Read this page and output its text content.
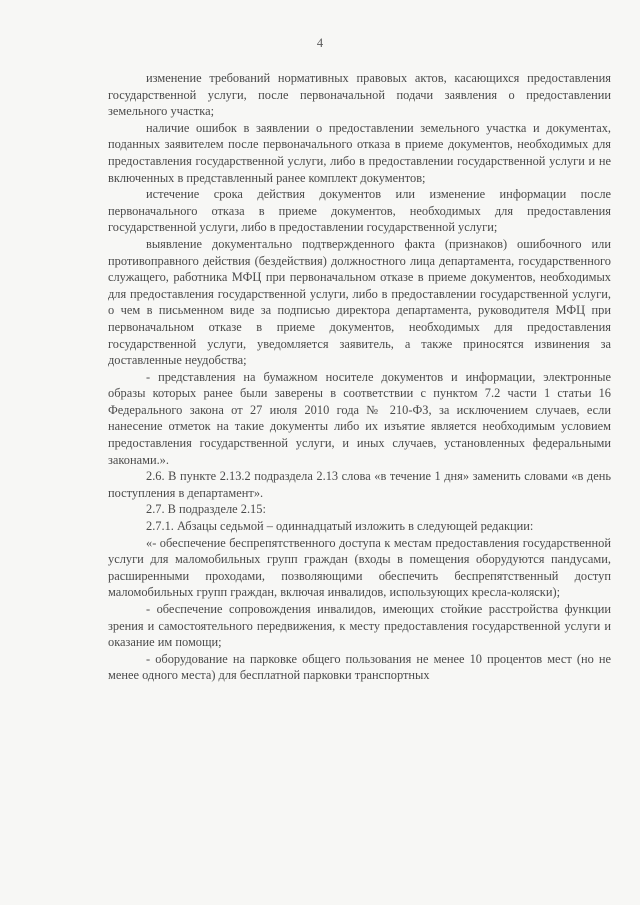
4

изменение требований нормативных правовых актов, касающихся предоставления государственной услуги, после первоначальной подачи заявления о предоставлении земельного участка;

наличие ошибок в заявлении о предоставлении земельного участка и документах, поданных заявителем после первоначального отказа в приеме документов, необходимых для предоставления государственной услуги, либо в предоставлении государственной услуги и не включенных в представленный ранее комплект документов;

истечение срока действия документов или изменение информации после первоначального отказа в приеме документов, необходимых для предоставления государственной услуги, либо в предоставлении государственной услуги;

выявление документально подтвержденного факта (признаков) ошибочного или противоправного действия (бездействия) должностного лица департамента, государственного служащего, работника МФЦ при первоначальном отказе в приеме документов, необходимых для предоставления государственной услуги, либо в предоставлении государственной услуги, о чем в письменном виде за подписью директора департамента, руководителя МФЦ при первоначальном отказе в приеме документов, необходимых для предоставления государственной услуги, уведомляется заявитель, а также приносятся извинения за доставленные неудобства;

- представления на бумажном носителе документов и информации, электронные образы которых ранее были заверены в соответствии с пунктом 7.2 части 1 статьи 16 Федерального закона от 27 июля 2010 года № 210-ФЗ, за исключением случаев, если нанесение отметок на такие документы либо их изъятие является необходимым условием предоставления государственной услуги, и иных случаев, установленных федеральными законами.».

2.6. В пункте 2.13.2 подраздела 2.13 слова «в течение 1 дня» заменить словами «в день поступления в департамент».

2.7. В подразделе 2.15:

2.7.1. Абзацы седьмой – одиннадцатый изложить в следующей редакции:

«- обеспечение беспрепятственного доступа к местам предоставления государственной услуги для маломобильных групп граждан (входы в помещения оборудуются пандусами, расширенными проходами, позволяющими обеспечить беспрепятственный доступ маломобильных групп граждан, включая инвалидов, использующих кресла-коляски);

- обеспечение сопровождения инвалидов, имеющих стойкие расстройства функции зрения и самостоятельного передвижения, к месту предоставления государственной услуги и оказание им помощи;

- оборудование на парковке общего пользования не менее 10 процентов мест (но не менее одного места) для бесплатной парковки транспортных
